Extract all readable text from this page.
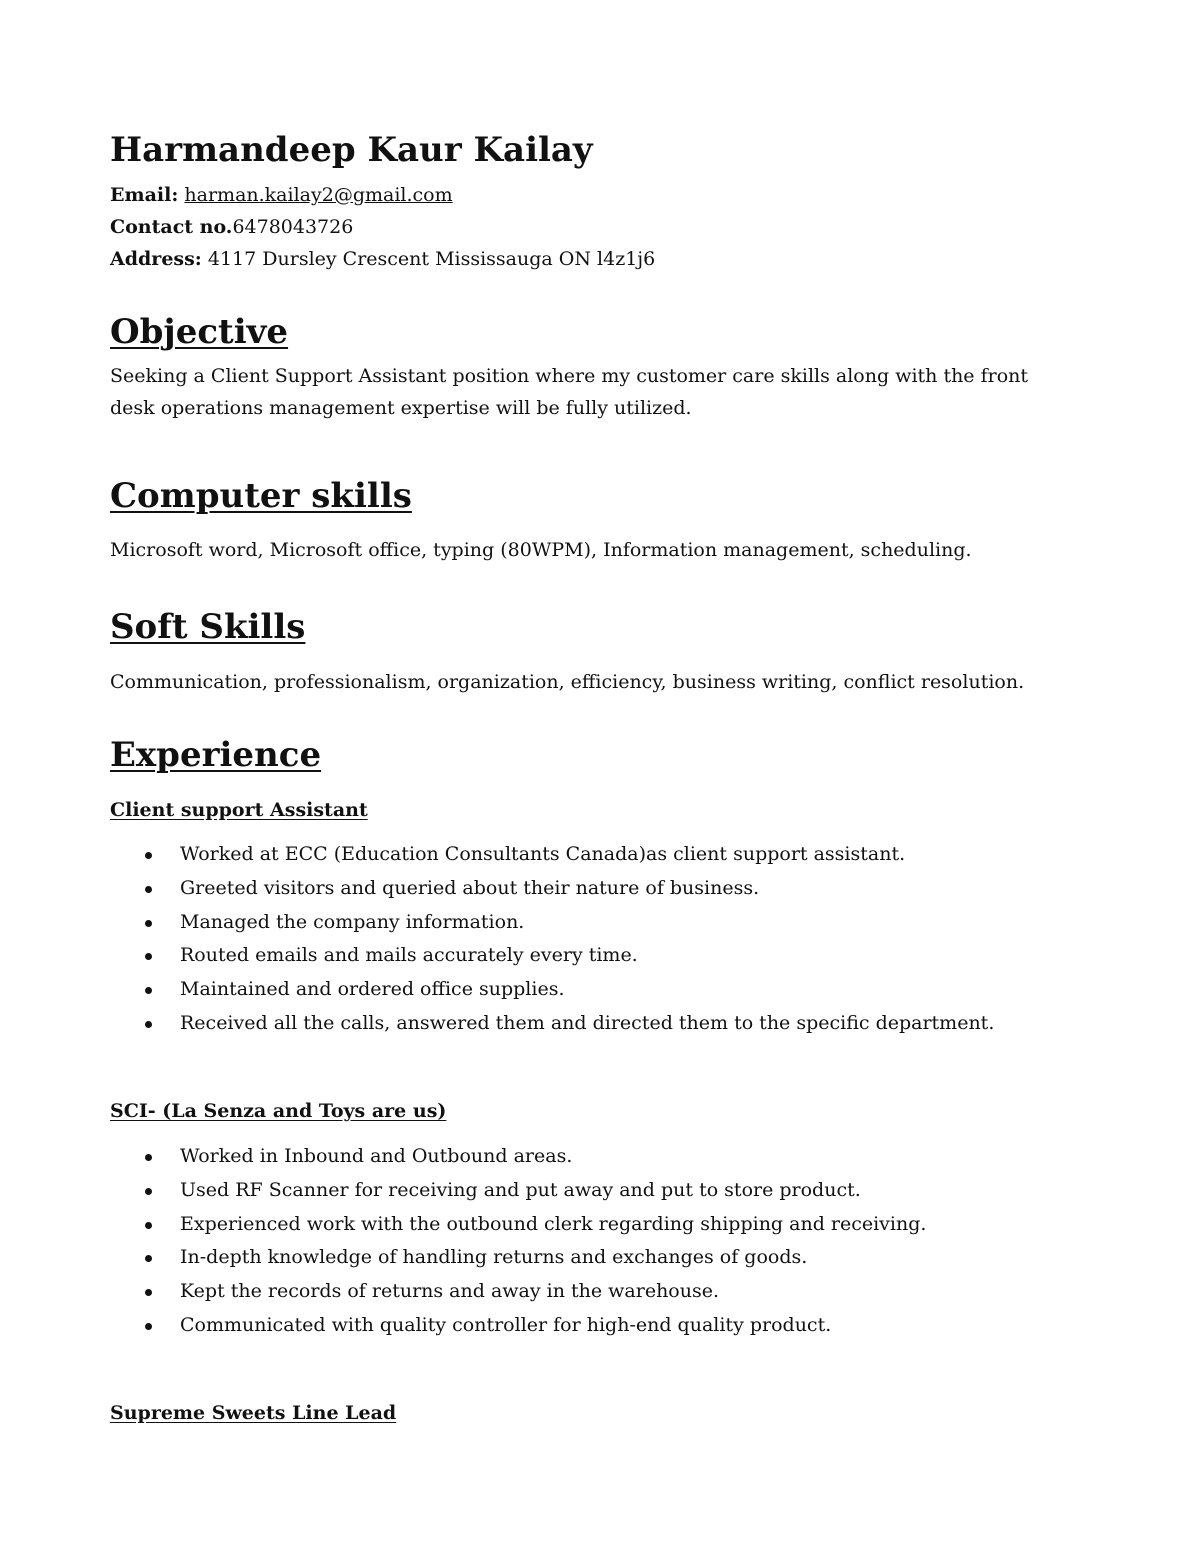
Harmandeep Kaur Kailay
Email: harman.kailay2@gmail.com
Contact no.6478043726
Address: 4117 Dursley Crescent Mississauga ON l4z1j6
Objective
Seeking a Client Support Assistant position where my customer care skills along with the front desk operations management expertise will be fully utilized.
Computer skills
Microsoft word, Microsoft office, typing (80WPM), Information management, scheduling.
Soft Skills
Communication, professionalism, organization, efficiency, business writing, conflict resolution.
Experience
Client support Assistant
Worked at ECC (Education Consultants Canada)as client support assistant.
Greeted visitors and queried about their nature of business.
Managed the company information.
Routed emails and mails accurately every time.
Maintained and ordered office supplies.
Received all the calls, answered them and directed them to the specific department.
SCI- (La Senza and Toys are us)
Worked in Inbound and Outbound areas.
Used RF Scanner for receiving and put away and put to store product.
Experienced work with the outbound clerk regarding shipping and receiving.
In-depth knowledge of handling returns and exchanges of goods.
Kept the records of returns and away in the warehouse.
Communicated with quality controller for high-end quality product.
Supreme Sweets Line Lead
